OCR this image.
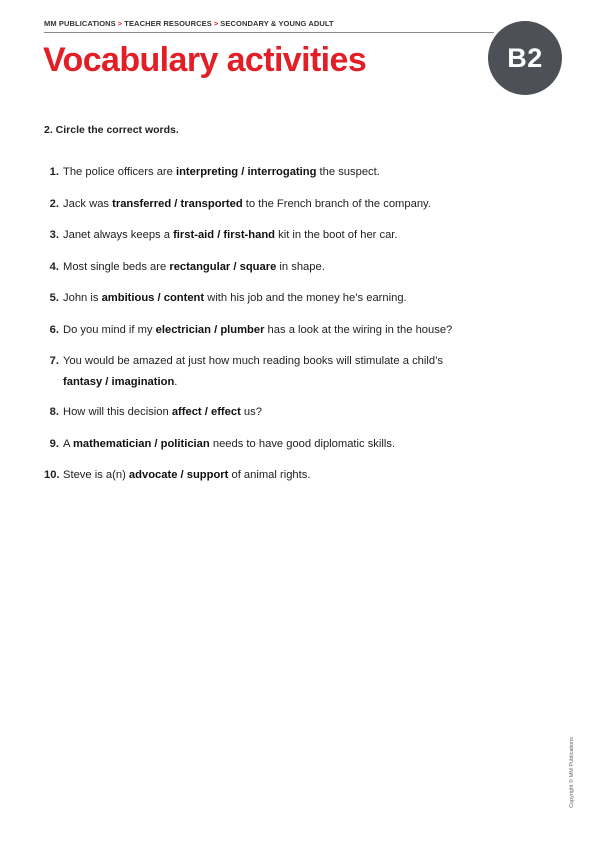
MM PUBLICATIONS > TEACHER RESOURCES > SECONDARY & YOUNG ADULT
Vocabulary activities	B2
2. Circle the correct words.
1. The police officers are interpreting / interrogating the suspect.
2. Jack was transferred / transported to the French branch of the company.
3. Janet always keeps a first-aid / first-hand kit in the boot of her car.
4. Most single beds are rectangular / square in shape.
5. John is ambitious / content with his job and the money he’s earning.
6. Do you mind if my electrician / plumber has a look at the wiring in the house?
7. You would be amazed at just how much reading books will stimulate a child’s
fantasy / imagination.
8. How will this decision affect / effect us?
9. A mathematician / politician needs to have good diplomatic skills.
10. Steve is a(n) advocate / support of animal rights.
Copyright © MM Publications
